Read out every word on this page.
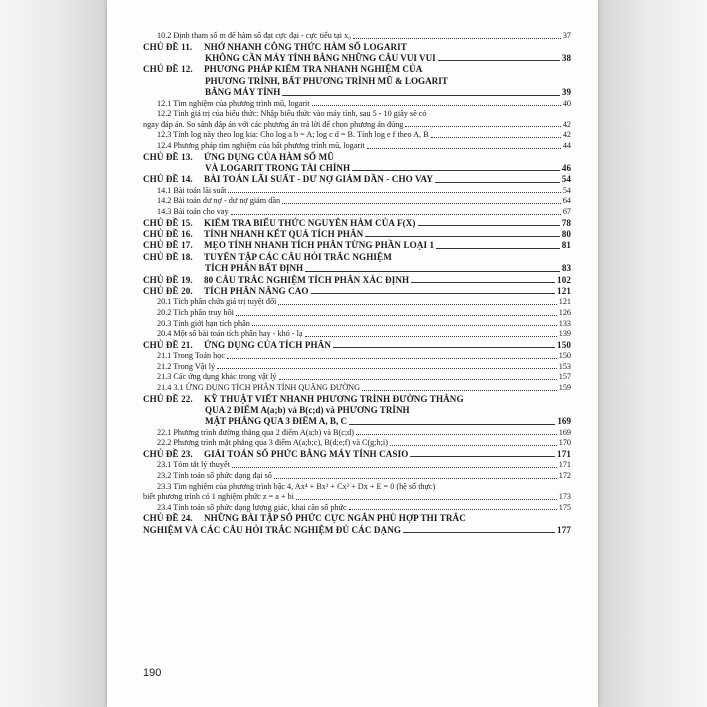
10.2 Định tham số m để hàm số đạt cực đại - cực tiểu tại x₀	37
CHỦ ĐỀ 11.	NHỚ NHANH CÔNG THỨC HÀM SỐ LOGARIT
KHÔNG CẦN MÁY TÍNH BẰNG NHỮNG CÂU VUI VUI	38
CHỦ ĐỀ 12.	PHƯƠNG PHÁP KIỂM TRA NHANH NGHIỆM CỦA
PHƯƠNG TRÌNH, BẤT PHƯƠNG TRÌNH MŨ & LOGARIT
BẰNG MÁY TÍNH	39
12.1 Tìm nghiệm của phương trình mũ, logarit	40
12.2 Tính giá trị của biểu thức: Nhập biểu thức vào máy tính, sau 5 - 10 giây sẽ có
ngay đáp án. So sánh đáp án với các phương án trả lời để chọn phương án đúng	42
12.3 Tính log này theo log kia: Cho log a b = A; log c d = B. Tính log e f theo A, B	42
12.4 Phương pháp tìm nghiệm của bất phương trình mũ, logarit	44
CHỦ ĐỀ 13.	ỨNG DỤNG CỦA HÀM SỐ MŨ
VÀ LOGARIT TRONG TÀI CHÍNH	46
CHỦ ĐỀ 14.	BÀI TOÁN LÃI SUẤT - DƯ NỢ GIẢM DẦN - CHO VAY	54
14.1 Bài toán lãi suất	54
14.2 Bài toán dư nợ - dư nợ giảm dần	64
14.3 Bài toán cho vay	67
CHỦ ĐỀ 15.	KIỂM TRA BIỂU THỨC NGUYÊN HÀM CỦA F(X)	78
CHỦ ĐỀ 16.	TÍNH NHANH KẾT QUẢ TÍCH PHÂN	80
CHỦ ĐỀ 17.	MẸO TÍNH NHANH TÍCH PHÂN TỪNG PHẦN LOẠI 1	81
CHỦ ĐỀ 18.	TUYỂN TẬP CÁC CÂU HỎI TRẮC NGHIỆM
TÍCH PHÂN BẤT ĐỊNH	83
CHỦ ĐỀ 19.	80 CÂU TRẮC NGHIỆM TÍCH PHÂN XÁC ĐỊNH	102
CHỦ ĐỀ 20.	TÍCH PHÂN NÂNG CAO	121
20.1 Tích phân chứa giá trị tuyệt đối	121
20.2 Tích phân truy hồi	126
20.3 Tính giới hạn tích phân	133
20.4 Một số bài toán tích phân hay - khó - lạ	139
CHỦ ĐỀ 21.	ỨNG DỤNG CỦA TÍCH PHÂN	150
21.1 Trong Toán học	150
21.2 Trong Vật lý	153
21.3 Các ứng dụng khác trong vật lý	157
21.4 3.1 ỨNG DỤNG TÍCH PHÂN TÍNH QUÃNG ĐƯỜNG	159
CHỦ ĐỀ 22.	KỸ THUẬT VIẾT NHANH PHƯƠNG TRÌNH ĐƯỜNG THẲNG
QUA 2 ĐIỂM A(a;b) và B(c;d) và PHƯƠNG TRÌNH
MẶT PHẲNG QUA 3 ĐIỂM A, B, C	169
22.1 Phương trình đường thẳng qua 2 điểm A(a;b) và B(c;d)	169
22.2 Phương trình mặt phẳng qua 3 điểm A(a;b;c), B(d;e;f) và C(g;h;i)	170
CHỦ ĐỀ 23.	GIẢI TOÁN SỐ PHỨC BẰNG MÁY TÍNH CASIO	171
23.1 Tóm tắt lý thuyết	171
23.2 Tính toán số phức dạng đại số	172
23.3 Tìm nghiệm của phương trình bậc 4, Ax⁴ + Bx³ + Cx² + Dx + E = 0 (hệ số thực)
biết phương trình có 1 nghiệm phức z = a + bi	173
23.4 Tính toán số phức dạng lượng giác, khai căn số phức	175
CHỦ ĐỀ 24.	NHỮNG BÀI TẬP SỐ PHỨC CỰC NGẮN PHÙ HỢP THI TRẮC
NGHIỆM VÀ CÁC CÂU HỎI TRẮC NGHIỆM ĐỦ CÁC DẠNG	177
190
